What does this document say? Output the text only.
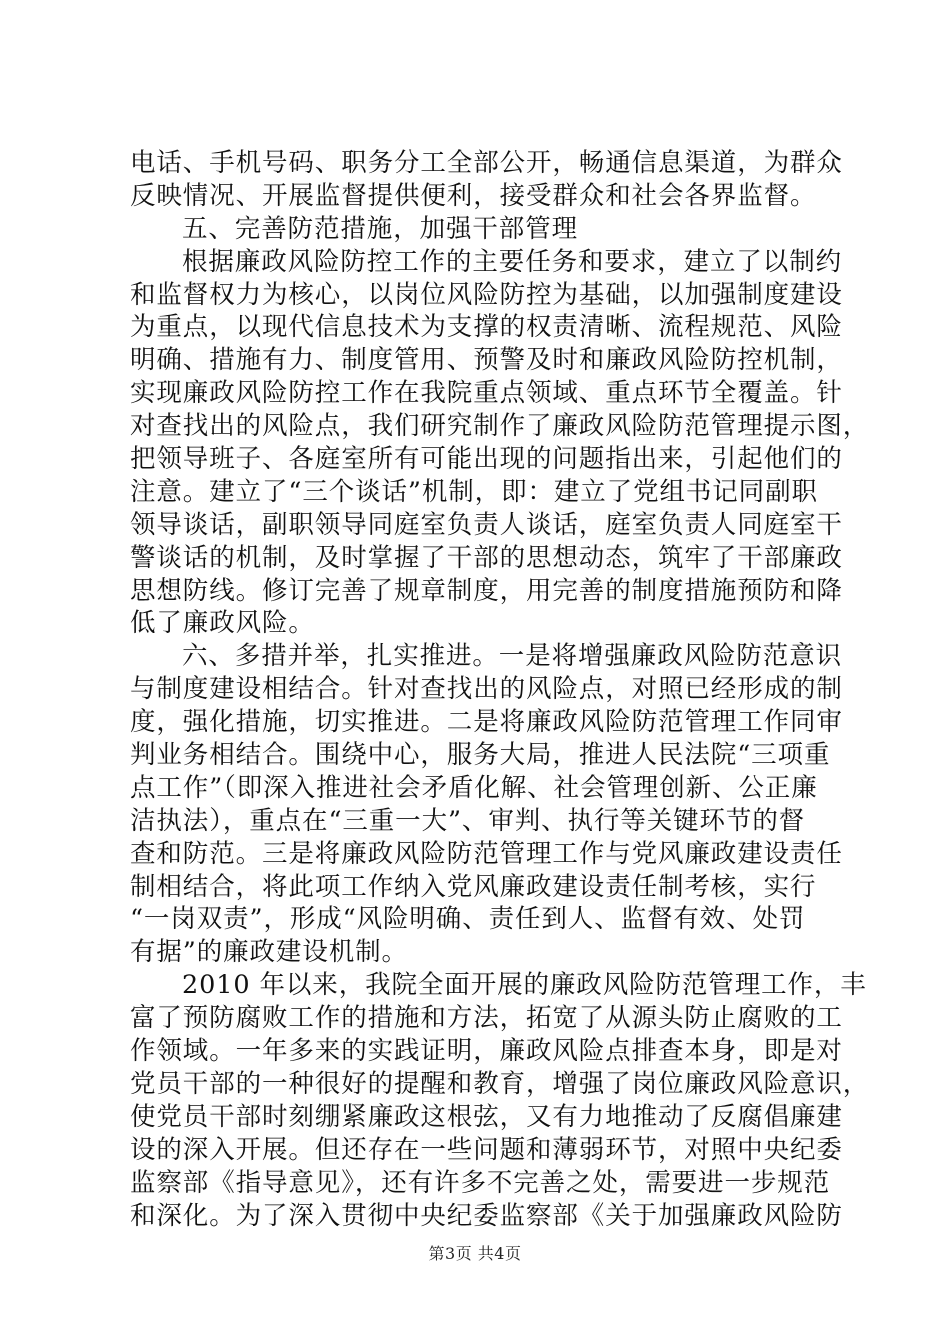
电话、手机号码、职务分工全部公开，畅通信息渠道，为群众
反映情况、开展监督提供便利，接受群众和社会各界监督。
五、完善防范措施，加强干部管理
根据廉政风险防控工作的主要任务和要求，建立了以制约
和监督权力为核心，以岗位风险防控为基础，以加强制度建设
为重点，以现代信息技术为支撑的权责清晰、流程规范、风险
明确、措施有力、制度管用、预警及时和廉政风险防控机制，
实现廉政风险防控工作在我院重点领域、重点环节全覆盖。针
对查找出的风险点，我们研究制作了廉政风险防范管理提示图，
把领导班子、各庭室所有可能出现的问题指出来，引起他们的
注意。建立了“三个谈话”机制，即：建立了党组书记同副职
领导谈话，副职领导同庭室负责人谈话，庭室负责人同庭室干
警谈话的机制，及时掌握了干部的思想动态，筑牢了干部廉政
思想防线。修订完善了规章制度，用完善的制度措施预防和降
低了廉政风险。
六、多措并举，扎实推进。一是将增强廉政风险防范意识
与制度建设相结合。针对查找出的风险点，对照已经形成的制
度，强化措施，切实推进。二是将廉政风险防范管理工作同审
判业务相结合。围绕中心，服务大局，推进人民法院“三项重
点工作”（即深入推进社会矛盾化解、社会管理创新、公正廉
洁执法），重点在“三重一大”、审判、执行等关键环节的督
查和防范。三是将廉政风险防范管理工作与党风廉政建设责任
制相结合，将此项工作纳入党风廉政建设责任制考核，实行
“一岗双责”，形成“风险明确、责任到人、监督有效、处罚
有据”的廉政建设机制。
2010 年以来，我院全面开展的廉政风险防范管理工作，丰
富了预防腐败工作的措施和方法，拓宽了从源头防止腐败的工
作领域。一年多来的实践证明，廉政风险点排查本身，即是对
党员干部的一种很好的提醒和教育，增强了岗位廉政风险意识，
使党员干部时刻绷紧廉政这根弦，又有力地推动了反腐倡廉建
设的深入开展。但还存在一些问题和薄弱环节，对照中央纪委
监察部《指导意见》，还有许多不完善之处，需要进一步规范
和深化。为了深入贯彻中央纪委监察部《关于加强廉政风险防
第3页 共4页
